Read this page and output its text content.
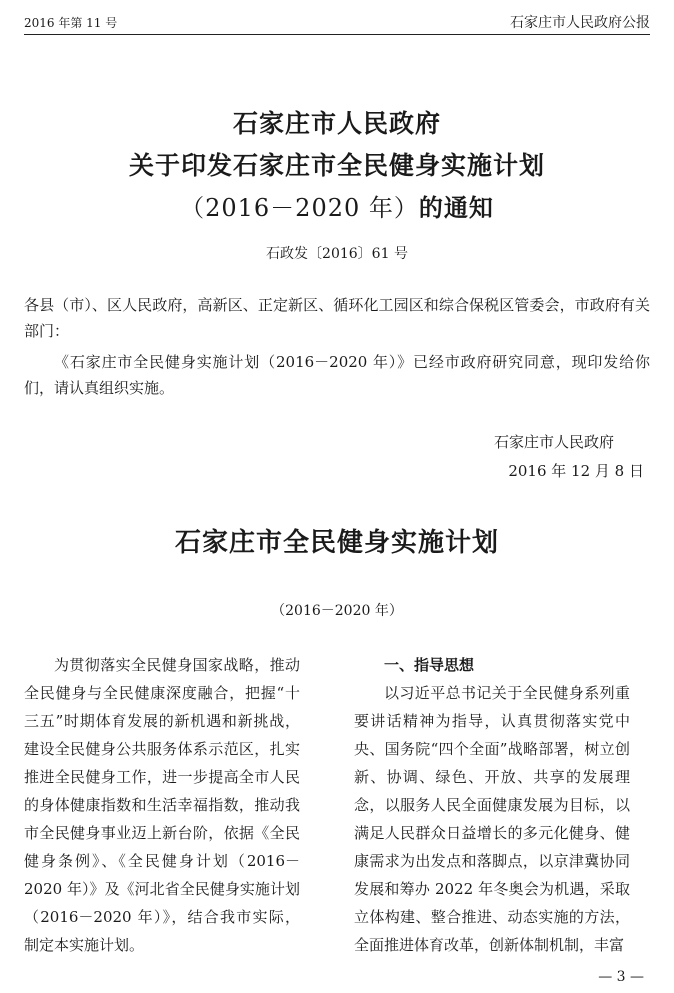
2016 年第 11 号	石家庄市人民政府公报
石家庄市人民政府
关于印发石家庄市全民健身实施计划
（2016－2020 年）的通知
石政发〔2016〕61 号
各县（市）、区人民政府，高新区、正定新区、循环化工园区和综合保税区管委会，市政府有关部门：
《石家庄市全民健身实施计划（2016－2020 年）》已经市政府研究同意，现印发给你们，请认真组织实施。
石家庄市人民政府
2016 年 12 月 8 日
石家庄市全民健身实施计划
（2016－2020 年）
为贯彻落实全民健身国家战略，推动全民健身与全民健康深度融合，把握“十三五”时期体育发展的新机遇和新挑战，建设全民健身公共服务体系示范区，扎实推进全民健身工作，进一步提高全市人民的身体健康指数和生活幸福指数，推动我市全民健身事业迈上新台阶，依据《全民健身条例》、《全民健身计划（2016－2020 年）》及《河北省全民健身实施计划（2016－2020 年）》，结合我市实际，制定本实施计划。
一、指导思想
以习近平总书记关于全民健身系列重要讲话精神为指导，认真贯彻落实党中央、国务院“四个全面”战略部署，树立创新、协调、绿色、开放、共享的发展理念，以服务人民全面健康发展为目标，以满足人民群众日益增长的多元化健身、健康需求为出发点和落脚点，以京津冀协同发展和筹办 2022 年冬奥会为机遇，采取立体构建、整合推进、动态实施的方法，全面推进体育改革，创新体制机制，丰富
— 3 —
